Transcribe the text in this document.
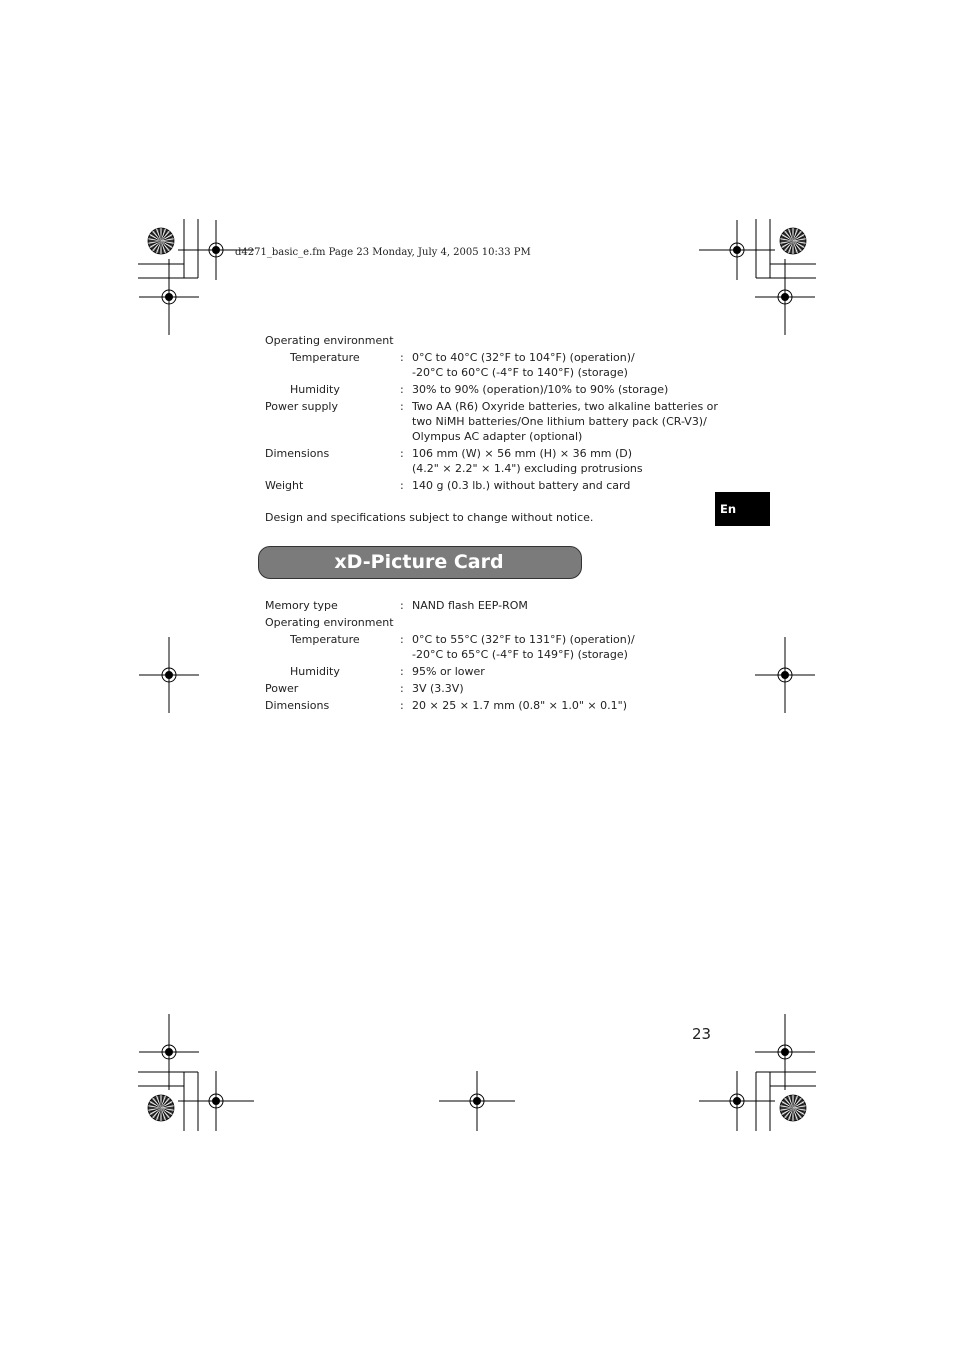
d4271_basic_e.fm Page 23 Monday, July 4, 2005 10:33 PM

Operating environment
Temperature	: 0°C to 40°C (32°F to 104°F) (operation)/
-20°C to 60°C (-4°F to 140°F) (storage)
Humidity	: 30% to 90% (operation)/10% to 90% (storage)
Power supply	: Two AA (R6) Oxyride batteries, two alkaline batteries or
two NiMH batteries/One lithium battery pack (CR-V3)/
Olympus AC adapter (optional)
Dimensions	: 106 mm (W) × 56 mm (H) × 36 mm (D)
(4.2" × 2.2" × 1.4") excluding protrusions
Weight	: 140 g (0.3 lb.) without battery and card

Design and specifications subject to change without notice.

En
xD-Picture Card
Memory type	: NAND flash EEP-ROM
Operating environment
Temperature	: 0°C to 55°C (32°F to 131°F) (operation)/
-20°C to 65°C (-4°F to 149°F) (storage)
Humidity	: 95% or lower
Power	: 3V (3.3V)
Dimensions	: 20 × 25 × 1.7 mm (0.8" × 1.0" × 0.1")

23
